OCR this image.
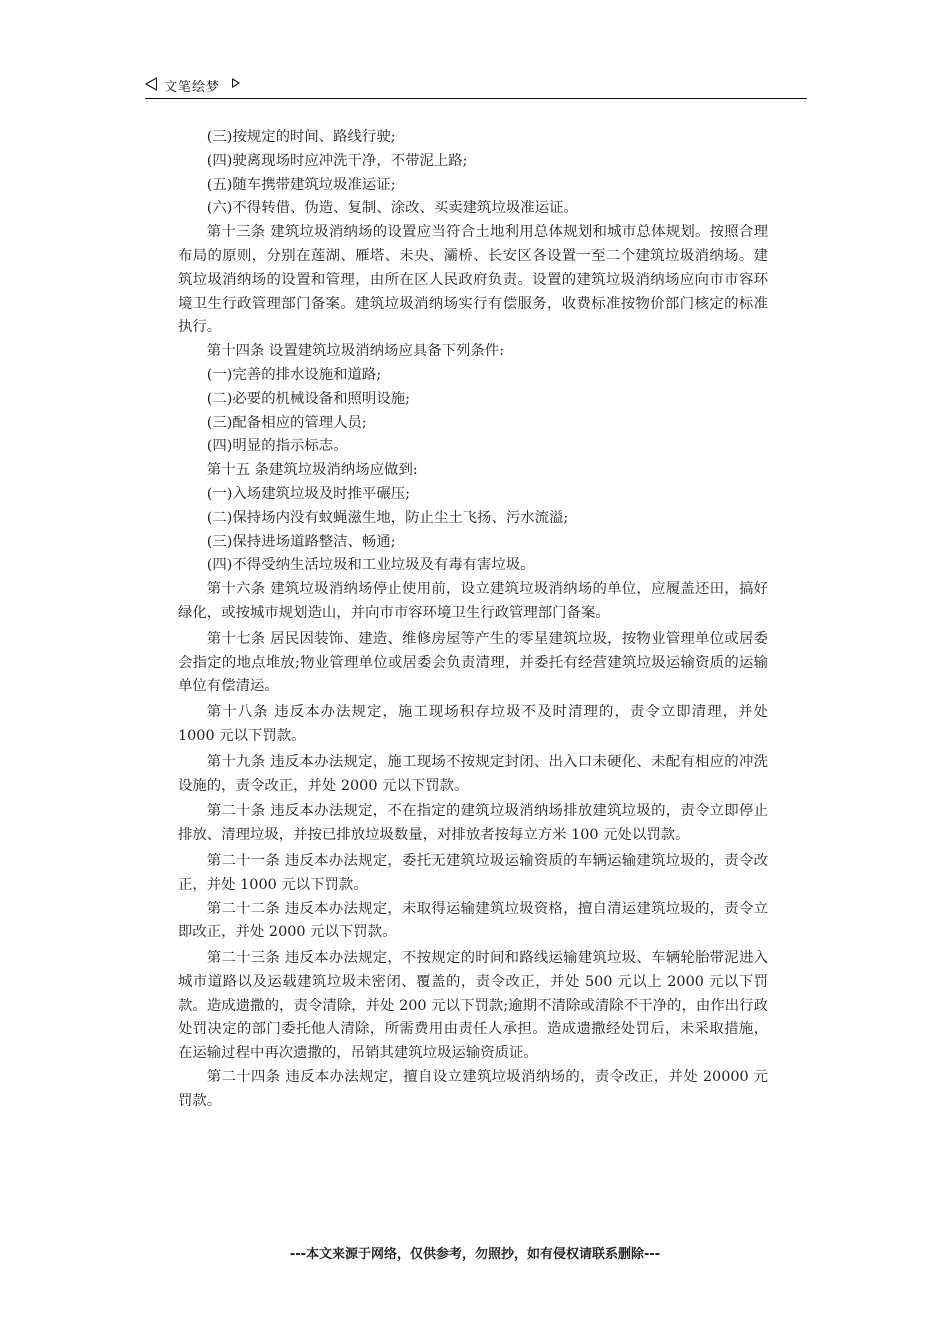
文笔绘梦

(三)按规定的时间、路线行驶;

(四)驶离现场时应冲洗干净，不带泥上路;

(五)随车携带建筑垃圾准运证;

(六)不得转借、伪造、复制、涂改、买卖建筑垃圾准运证。

第十三条 建筑垃圾消纳场的设置应当符合土地利用总体规划和城市总体规划。按照合理布局的原则，分别在莲湖、雁塔、未央、灞桥、长安区各设置一至二个建筑垃圾消纳场。建筑垃圾消纳场的设置和管理，由所在区人民政府负责。设置的建筑垃圾消纳场应向市市容环境卫生行政管理部门备案。建筑垃圾消纳场实行有偿服务，收费标准按物价部门核定的标准执行。

第十四条 设置建筑垃圾消纳场应具备下列条件:

(一)完善的排水设施和道路;

(二)必要的机械设备和照明设施;

(三)配备相应的管理人员;

(四)明显的指示标志。

第十五 条建筑垃圾消纳场应做到:

(一)入场建筑垃圾及时推平碾压;

(二)保持场内没有蚊蝇滋生地，防止尘土飞扬、污水流溢;

(三)保持进场道路整洁、畅通;

(四)不得受纳生活垃圾和工业垃圾及有毒有害垃圾。

第十六条 建筑垃圾消纳场停止使用前，设立建筑垃圾消纳场的单位，应履盖还田，搞好绿化，或按城市规划造山，并向市市容环境卫生行政管理部门备案。

第十七条 居民因装饰、建造、维修房屋等产生的零星建筑垃圾，按物业管理单位或居委会指定的地点堆放;物业管理单位或居委会负责清理，并委托有经营建筑垃圾运输资质的运输单位有偿清运。

第十八条 违反本办法规定，施工现场积存垃圾不及时清理的，责令立即清理，并处 1000 元以下罚款。

第十九条 违反本办法规定，施工现场不按规定封闭、出入口未硬化、未配有相应的冲洗设施的，责令改正，并处 2000 元以下罚款。

第二十条 违反本办法规定，不在指定的建筑垃圾消纳场排放建筑垃圾的，责令立即停止排放、清理垃圾，并按已排放垃圾数量，对排放者按每立方米 100 元处以罚款。

第二十一条 违反本办法规定，委托无建筑垃圾运输资质的车辆运输建筑垃圾的，责令改正，并处 1000 元以下罚款。

第二十二条 违反本办法规定，未取得运输建筑垃圾资格，擅自清运建筑垃圾的，责令立即改正，并处 2000 元以下罚款。

第二十三条 违反本办法规定，不按规定的时间和路线运输建筑垃圾、车辆轮胎带泥进入城市道路以及运载建筑垃圾未密闭、覆盖的，责令改正，并处 500 元以上 2000 元以下罚款。造成遗撒的，责令清除，并处 200 元以下罚款;逾期不清除或清除不干净的，由作出行政处罚决定的部门委托他人清除，所需费用由责任人承担。造成遗撒经处罚后，未采取措施，在运输过程中再次遗撒的，吊销其建筑垃圾运输资质证。

第二十四条 违反本办法规定，擅自设立建筑垃圾消纳场的，责令改正，并处 20000 元罚款。

---本文来源于网络，仅供参考，勿照抄，如有侵权请联系删除---
